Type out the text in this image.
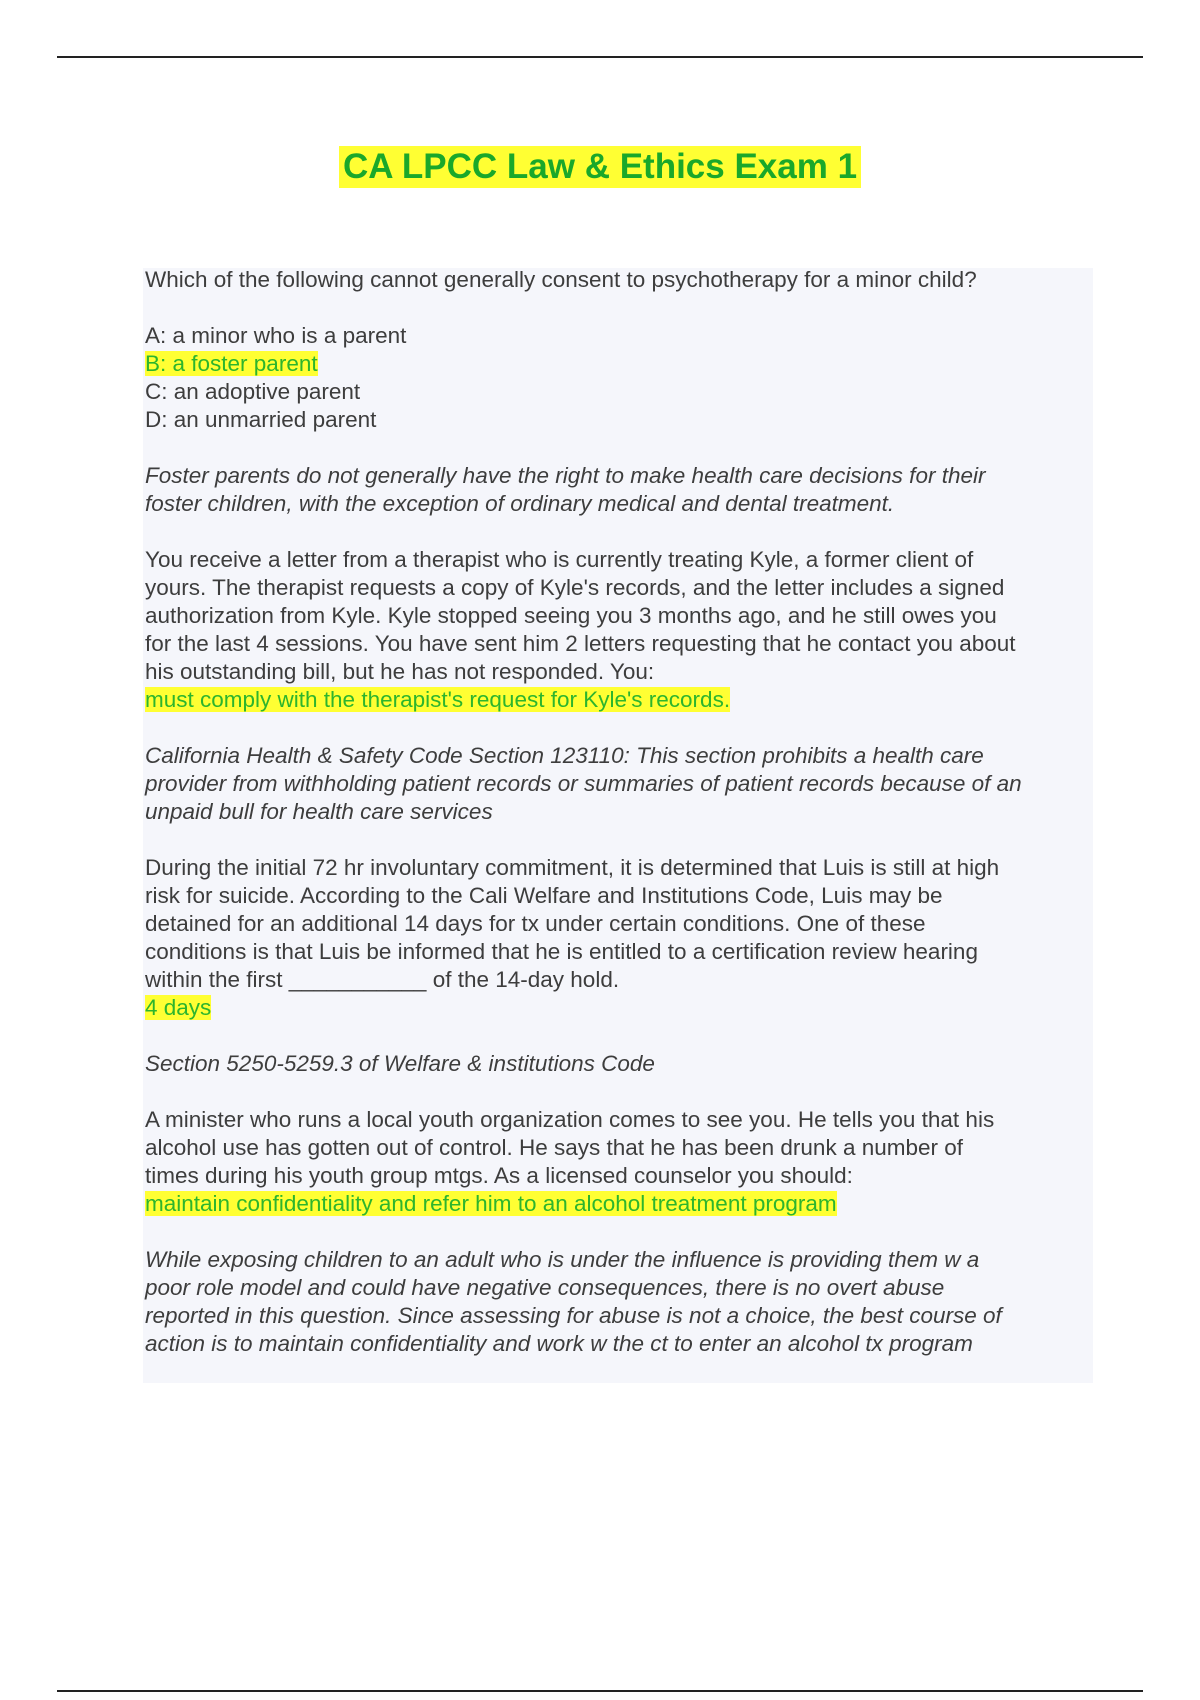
CA LPCC Law & Ethics Exam 1
Which of the following cannot generally consent to psychotherapy for a minor child?
A: a minor who is a parent
B: a foster parent
C: an adoptive parent
D: an unmarried parent
Foster parents do not generally have the right to make health care decisions for their
foster children, with the exception of ordinary medical and dental treatment.
You receive a letter from a therapist who is currently treating Kyle, a former client of
yours. The therapist requests a copy of Kyle's records, and the letter includes a signed
authorization from Kyle. Kyle stopped seeing you 3 months ago, and he still owes you
for the last 4 sessions. You have sent him 2 letters requesting that he contact you about
his outstanding bill, but he has not responded. You:
must comply with the therapist's request for Kyle's records.
California Health & Safety Code Section 123110: This section prohibits a health care
provider from withholding patient records or summaries of patient records because of an
unpaid bull for health care services
During the initial 72 hr involuntary commitment, it is determined that Luis is still at high
risk for suicide. According to the Cali Welfare and Institutions Code, Luis may be
detained for an additional 14 days for tx under certain conditions. One of these
conditions is that Luis be informed that he is entitled to a certification review hearing
within the first ___________ of the 14-day hold.
4 days
Section 5250-5259.3 of Welfare & institutions Code
A minister who runs a local youth organization comes to see you. He tells you that his
alcohol use has gotten out of control. He says that he has been drunk a number of
times during his youth group mtgs. As a licensed counselor you should:
maintain confidentiality and refer him to an alcohol treatment program
While exposing children to an adult who is under the influence is providing them w a
poor role model and could have negative consequences, there is no overt abuse
reported in this question. Since assessing for abuse is not a choice, the best course of
action is to maintain confidentiality and work w the ct to enter an alcohol tx program
